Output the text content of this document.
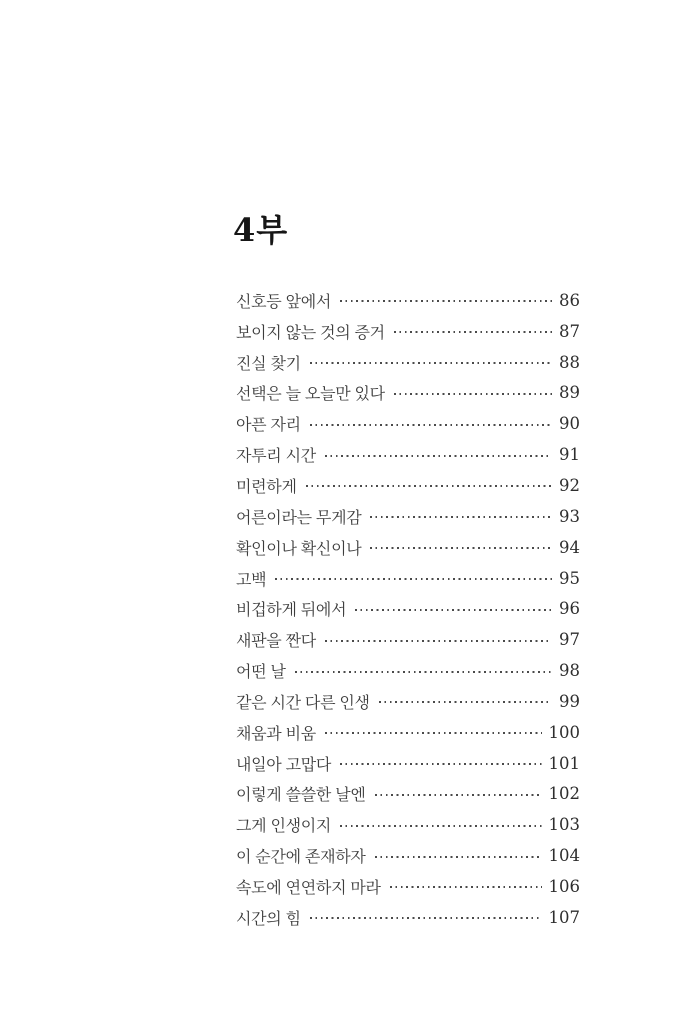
4부
신호등 앞에서	86
보이지 않는 것의 증거	87
진실 찾기	88
선택은 늘 오늘만 있다	89
아픈 자리	90
자투리 시간	91
미련하게	92
어른이라는 무게감	93
확인이나 확신이나	94
고백	95
비겁하게 뒤에서	96
새판을 짠다	97
어떤 날	98
같은 시간 다른 인생	99
채움과 비움	100
내일아 고맙다	101
이렇게 쓸쓸한 날엔	102
그게 인생이지	103
이 순간에 존재하자	104
속도에 연연하지 마라	106
시간의 힘	107
